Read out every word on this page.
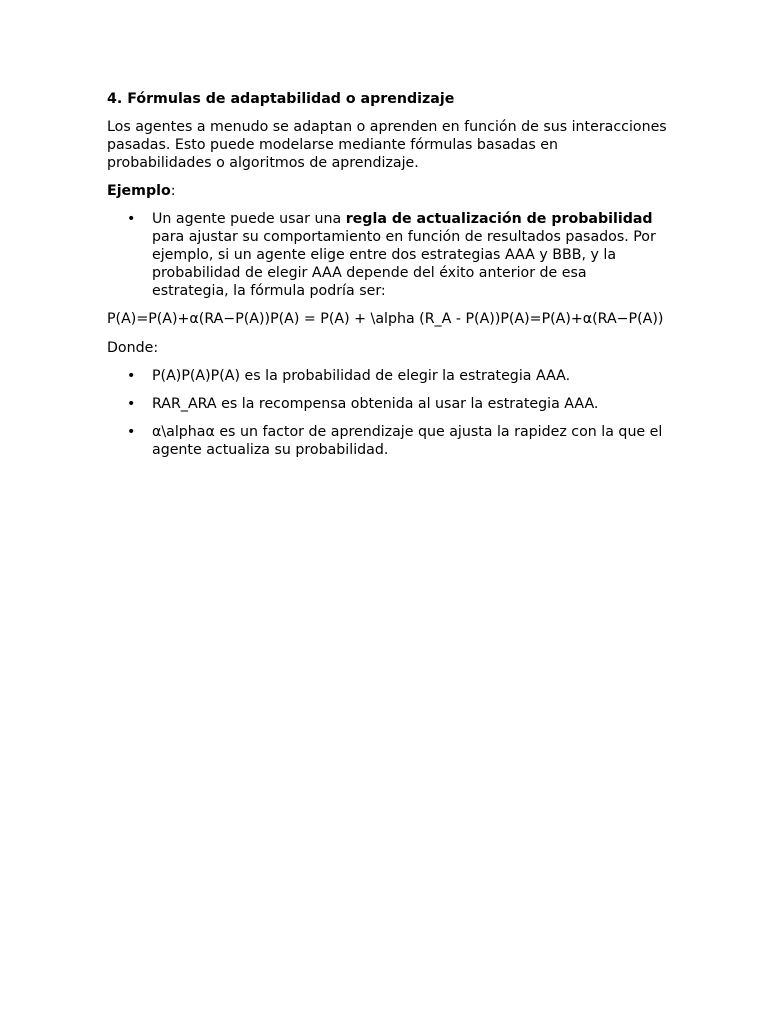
4. Fórmulas de adaptabilidad o aprendizaje

Los agentes a menudo se adaptan o aprenden en función de sus interacciones pasadas. Esto puede modelarse mediante fórmulas basadas en probabilidades o algoritmos de aprendizaje.

Ejemplo:

• Un agente puede usar una regla de actualización de probabilidad para ajustar su comportamiento en función de resultados pasados. Por ejemplo, si un agente elige entre dos estrategias AAA y BBB, y la probabilidad de elegir AAA depende del éxito anterior de esa estrategia, la fórmula podría ser:

P(A)=P(A)+α(RA−P(A))P(A) = P(A) + \alpha (R_A - P(A))P(A)=P(A)+α(RA−P(A))

Donde:

• P(A)P(A)P(A) es la probabilidad de elegir la estrategia AAA.
• RAR_ARA es la recompensa obtenida al usar la estrategia AAA.
• α\alphaα es un factor de aprendizaje que ajusta la rapidez con la que el agente actualiza su probabilidad.
